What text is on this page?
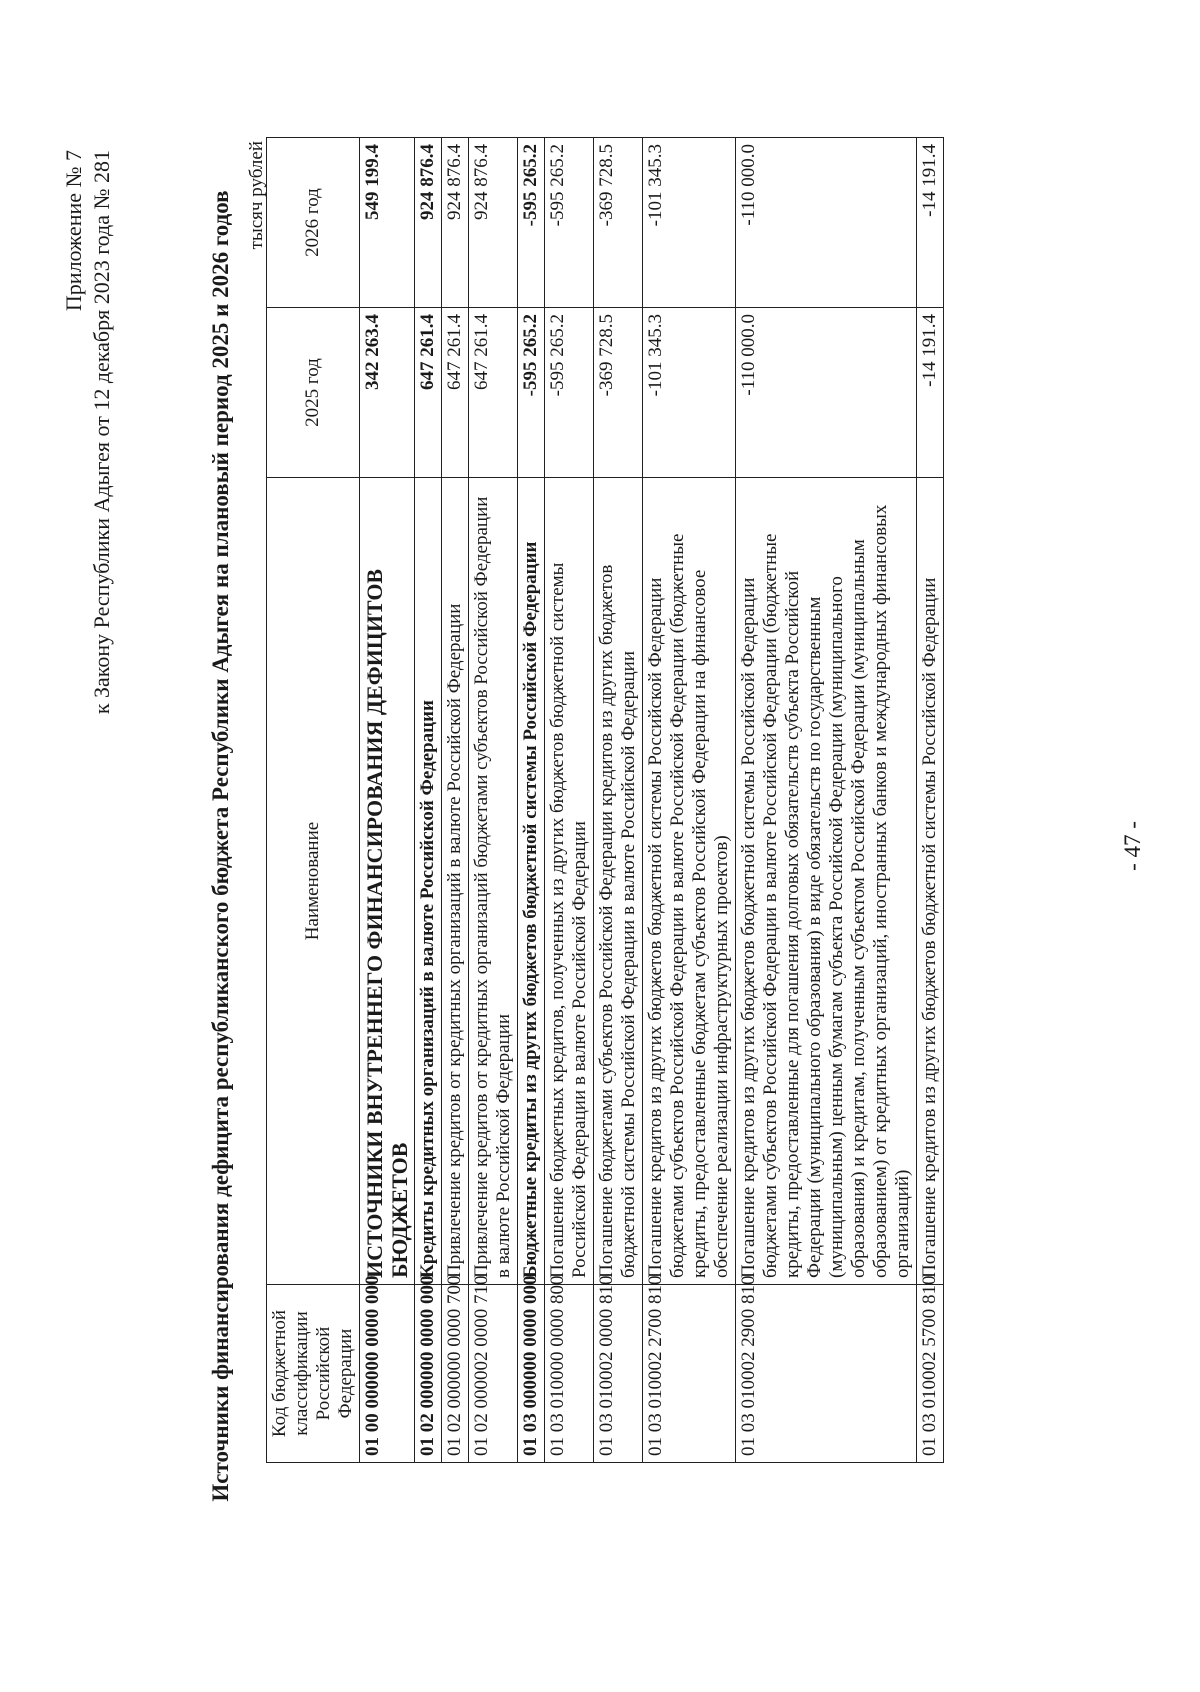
- 47 -
Приложение № 7 к Закону Республики Адыгея от 12 декабря 2023 года № 281	Источники финансирования дефицита республиканского бюджета Республики Адыгея на плановый период 2025 и 2026 годов тысяч рублей
Код бюджетной классификации Российской Федерации	Наименование	2025 год	2026 год
01 00 000000 0000 000	ИСТОЧНИКИ ВНУТРЕННЕГО ФИНАНСИРОВАНИЯ ДЕФИЦИТОВ БЮДЖЕТОВ	342 263.4	549 199.4
01 02 000000 0000 000	Кредиты кредитных организаций в валюте Российской Федерации	647 261.4	924 876.4
01 02 000000 0000 700	Привлечение кредитов от кредитных организаций в валюте Российской Федерации	647 261.4	924 876.4
01 02 000002 0000 710	Привлечение кредитов от кредитных организаций бюджетами субъектов Российской Федерации в валюте Российской Федерации	647 261.4	924 876.4
01 03 000000 0000 000	Бюджетные кредиты из других бюджетов бюджетной системы Российской Федерации	-595 265.2	-595 265.2
01 03 010000 0000 800	Погашение бюджетных кредитов, полученных из других бюджетов бюджетной системы Российской Федерации в валюте Российской Федерации	-595 265.2	-595 265.2
01 03 010002 0000 810	Погашение бюджетами субъектов Российской Федерации кредитов из других бюджетов бюджетной системы Российской Федерации в валюте Российской Федерации	-369 728.5	-369 728.5
01 03 010002 2700 810	Погашение кредитов из других бюджетов бюджетной системы Российской Федерации бюджетами субъектов Российской Федерации в валюте Российской Федерации (бюджетные кредиты, предоставленные бюджетам субъектов Российской Федерации на финансовое обеспечение реализации инфраструктурных проектов)	-101 345.3	-101 345.3
01 03 010002 2900 810	Погашение кредитов из других бюджетов бюджетной системы Российской Федерации бюджетами субъектов Российской Федерации в валюте Российской Федерации (бюджетные кредиты, предоставленные для погашения долговых обязательств субъекта Российской Федерации (муниципального образования) в виде обязательств по государственным (муниципальным) ценным бумагам субъекта Российской Федерации (муниципального образования) и кредитам, полученным субъектом Российской Федерации (муниципальным образованием) от кредитных организаций, иностранных банков и международных финансовых организаций)	-110 000.0	-110 000.0
01 03 010002 5700 810	Погашение кредитов из других бюджетов бюджетной системы Российской Федерации	-14 191.4	-14 191.4
